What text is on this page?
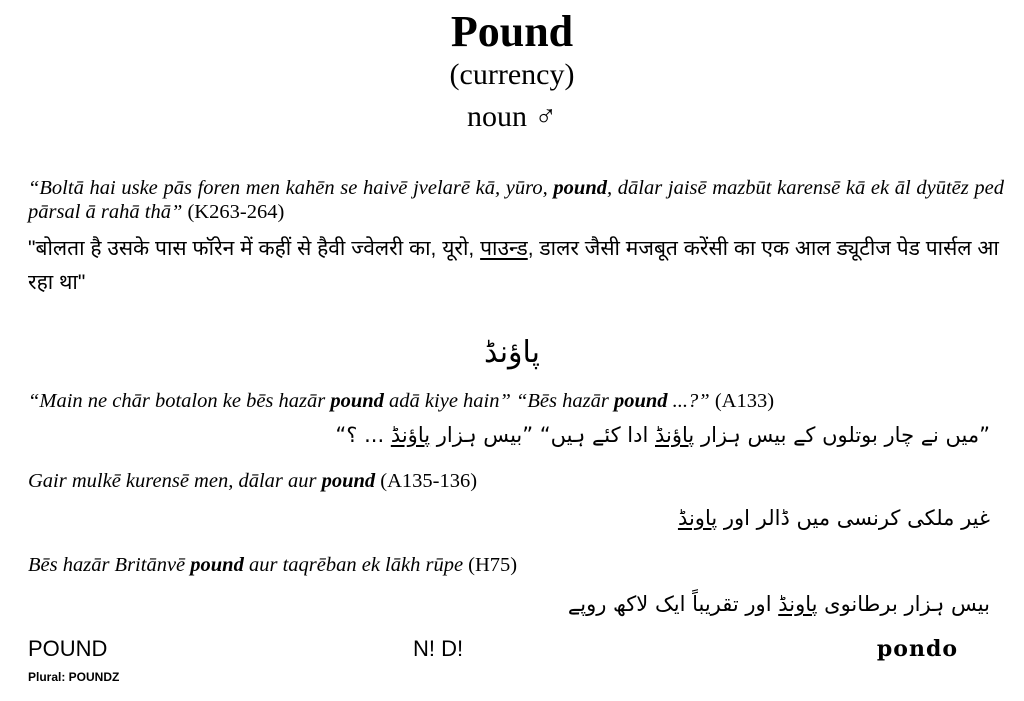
Pound
(currency)
noun ♂
“Boltā hai uske pās foren men kahēn se haivē jvelarē kā, yūro, pound, dālar jaisē mazbūt karensē kā ek āl dyūtēz ped pārsal ā rahā thā” (K263-264)
"बोलता है उसके पास फॉरेन में कहीं से हैवी ज्वेलरी का, यूरो, पाउन्ड, डालर जैसी मजबूत करेंसी का एक आल ड्यूटीज पेड पार्सल आ रहा था"
پاؤنڈ
“Main ne chār botalon ke bēs hazār pound adā kiye hain” “Bēs hazār pound ...?” (A133)
”میں نے چار بوتلوں کے بیس ہزار پاؤنڈ ادا کئے ہیں“ ”بیس ہزار پاؤنڈ ... ؟“
Gair mulkē kurensē men, dālar aur pound (A135-136)
غیر ملکی کرنسی میں ڈالر اور پاونڈ
Bēs hazār Britānvē pound aur taqrēban ek lākh rūpe (H75)
بیس ہزار برطانوی پاونڈ اور تقریباً ایک لاکھ روپے
POUND
Plural: POUNDZ
N! D!	pondo
